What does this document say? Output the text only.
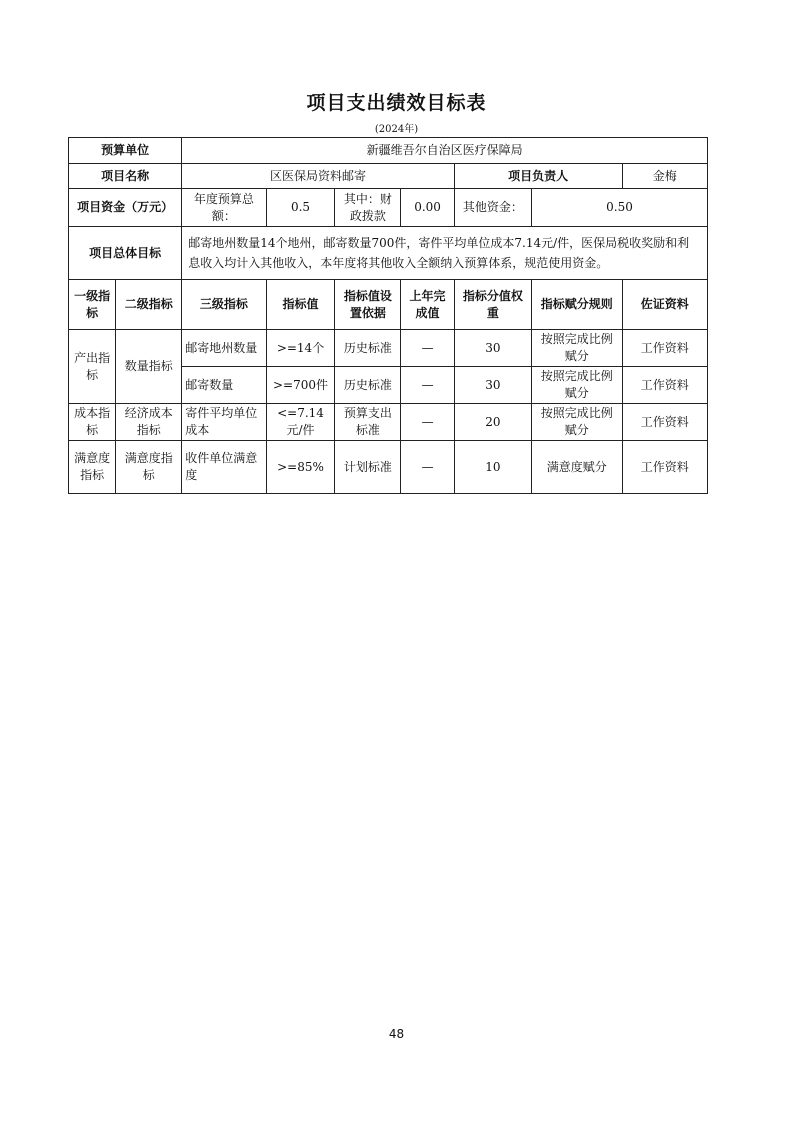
项目支出绩效目标表
(2024年)
预算单位		新疆维吾尔自治区医疗保障局						
项目名称		区医保局资料邮寄				项目负责人		金梅
项目资金（万元）		年度预算总额：	0.5	其中：财政拨款	0.00	其他资金：	0.50	
项目总体目标		邮寄地州数量14个地州，邮寄数量700件，寄件平均单位成本7.14元/件，医保局税收奖励和利息收入均计入其他收入，本年度将其他收入全额纳入预算体系，规范使用资金。						
一级指标	二级指标	三级指标	指标值	指标值设置依据	上年完成值	指标分值权重	指标赋分规则	佐证资料
产出指标	数量指标	邮寄地州数量	>=14个	历史标准	—	30	按照完成比例赋分	工作资料
		邮寄数量	>=700件	历史标准	—	30	按照完成比例赋分	工作资料
成本指标	经济成本指标	寄件平均单位成本	<=7.14元/件	预算支出标准	—	20	按照完成比例赋分	工作资料
满意度指标	满意度指标	收件单位满意度	>=85%	计划标准	—	10	满意度赋分	工作资料
48
